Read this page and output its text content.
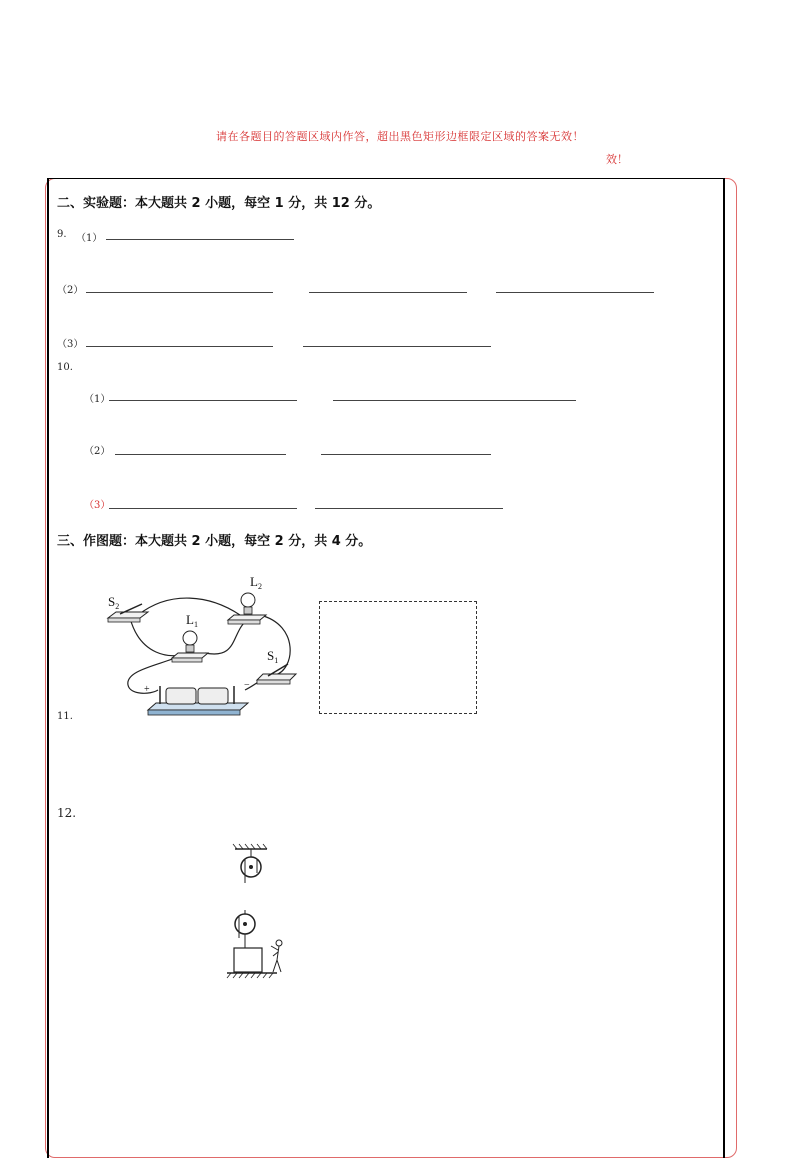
请在各题目的答题区域内作答，超出黑色矩形边框限定区域的答案无效！
效！
二、实验题：本大题共 2 小题，每空 1 分，共 12 分。
9. （1）
（2）
（3）
10.
（1）
（2）
（3）
三、作图题：本大题共 2 小题，每空 2 分，共 4 分。
11.
$S_2$
$L_2$
$L_1$
$S_1$
+	−
12.
